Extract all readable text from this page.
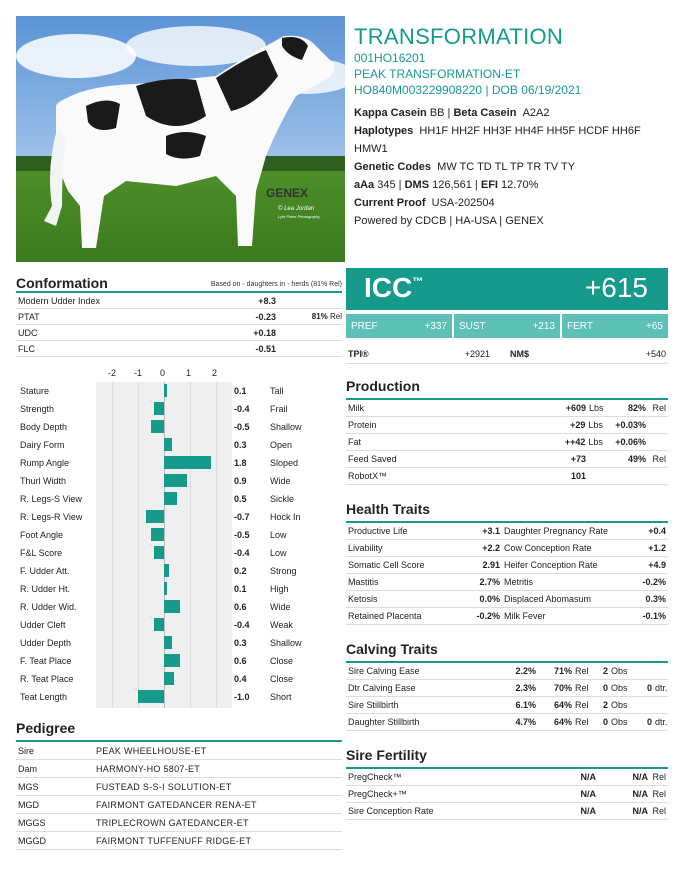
GENEX
© Lea Jordan
Lyle Pines Photography
TRANSFORMATION
001HO16201
PEAK TRANSFORMATION-ET
HO840M003229908220 | DOB 06/19/2021
Kappa Casein BB | Beta Casein A2A2
Haplotypes HH1F HH2F HH3F HH4F HH5F HCDF HH6F
HMW1
Genetic Codes MW TC TD TL TP TR TV TY
aAa 345 | DMS 126,561 | EFI 12.70%
Current Proof USA-202504
Powered by CDCB | HA-USA | GENEX
Conformation	Based on - daughters in - herds (81% Rel)
Modern Udder Index	+8.3
PTAT	-0.23	81% Rel
UDC	+0.18
FLC	-0.51
-2 -1 0 1 2
Stature	0.1	Tall
Strength	-0.4 Frail
Body Depth	-0.5 Shallow
Dairy Form	0.3	Open
Rump Angle	1.8	Sloped
Thurl Width	0.9	Wide
R. Legs-S View	0.5	Sickle
R. Legs-R View	-0.7 Hock In
Foot Angle	-0.5 Low
F&L Score	-0.4 Low
F. Udder Att.	0.2	Strong
R. Udder Ht.	0.1	High
R. Udder Wid.	0.6	Wide
Udder Cleft	-0.4 Weak
Udder Depth	0.3	Shallow
F. Teat Place	0.6	Close
R. Teat Place	0.4	Close
Teat Length	-1.0 Short
Pedigree
Sire	PEAK WHEELHOUSE-ET
Dam	HARMONY-HO 5807-ET
MGS	FUSTEAD S-S-I SOLUTION-ET
MGD	FAIRMONT GATEDANCER RENA-ET
MGGS	TRIPLECROWN GATEDANCER-ET
MGGD	FAIRMONT TUFFENUFF RIDGE-ET
ICC™	+615
PREF	+337 SUST	+213 FERT	+65
TPI®	+2921 NM$	+540
Production
Milk	+609 Lbs	82% Rel
Protein	+29 Lbs	+0.03%
Fat	++42 Lbs	+0.06%
Feed Saved	+73	49% Rel
RobotX™	101
Health Traits
Productive Life	+3.1 Daughter Pregnancy Rate	+0.4
Livability	+2.2 Cow Conception Rate	+1.2
Somatic Cell Score	2.91 Heifer Conception Rate	+4.9
Mastitis	2.7% Metritis	-0.2%
Ketosis	0.0% Displaced Abomasum	0.3%
Retained Placenta	-0.2% Milk Fever	-0.1%
Calving Traits
Sire Calving Ease	2.2%	71% Rel	2 Obs
Dtr Calving Ease	2.3%	70% Rel	0 Obs	0 dtr.
Sire Stillbirth	6.1%	64% Rel	2 Obs
Daughter Stillbirth	4.7%	64% Rel	0 Obs	0 dtr.
Sire Fertility
PregCheck™	N/A	N/A Rel
PregCheck+™	N/A	N/A Rel
Sire Conception Rate	N/A	N/A Rel
